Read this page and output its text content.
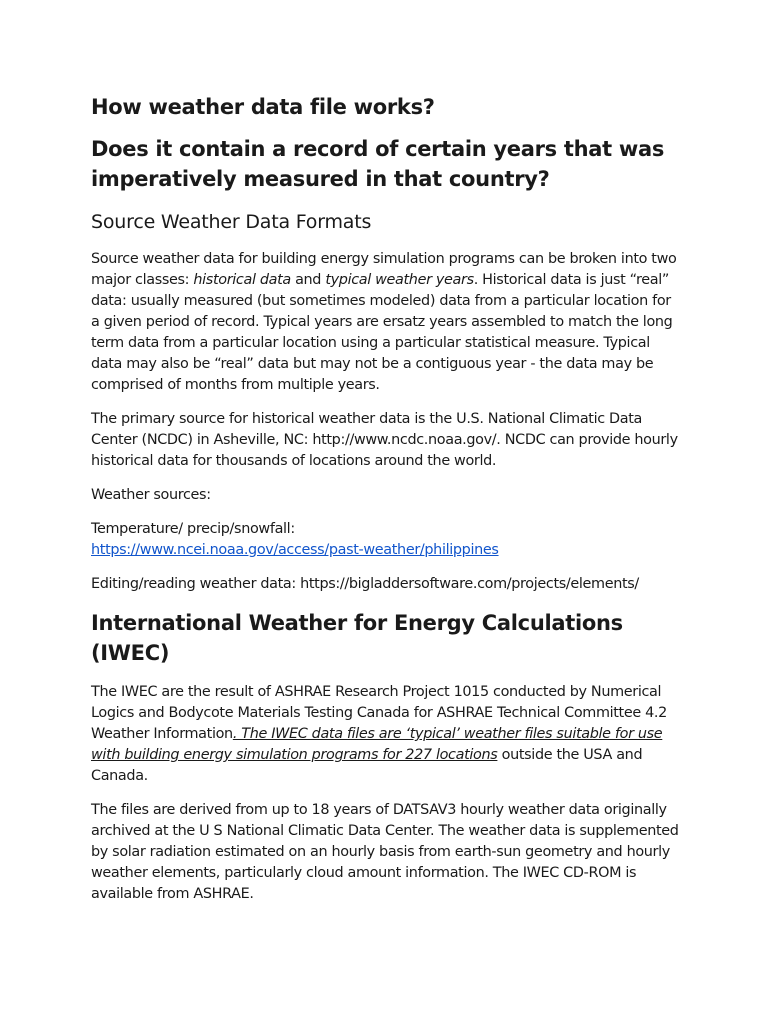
How weather data file works?
Does it contain a record of certain years that was imperatively measured in that country?
Source Weather Data Formats

Source weather data for building energy simulation programs can be broken into two major classes: historical data and typical weather years. Historical data is just “real” data: usually measured (but sometimes modeled) data from a particular location for a given period of record. Typical years are ersatz years assembled to match the long term data from a particular location using a particular statistical measure. Typical data may also be “real” data but may not be a contiguous year - the data may be comprised of months from multiple years.

The primary source for historical weather data is the U.S. National Climatic Data Center (NCDC) in Asheville, NC: http://www.ncdc.noaa.gov/. NCDC can provide hourly historical data for thousands of locations around the world.

Weather sources:

Temperature/ precip/snowfall:
https://www.ncei.noaa.gov/access/past-weather/philippines

Editing/reading weather data: https://bigladdersoftware.com/projects/elements/

International Weather for Energy Calculations (IWEC)

The IWEC are the result of ASHRAE Research Project 1015 conducted by Numerical Logics and Bodycote Materials Testing Canada for ASHRAE Technical Committee 4.2 Weather Information. The IWEC data files are ‘typical’ weather files suitable for use with building energy simulation programs for 227 locations outside the USA and Canada.

The files are derived from up to 18 years of DATSAV3 hourly weather data originally archived at the U S National Climatic Data Center. The weather data is supplemented by solar radiation estimated on an hourly basis from earth-sun geometry and hourly weather elements, particularly cloud amount information. The IWEC CD-ROM is available from ASHRAE.
